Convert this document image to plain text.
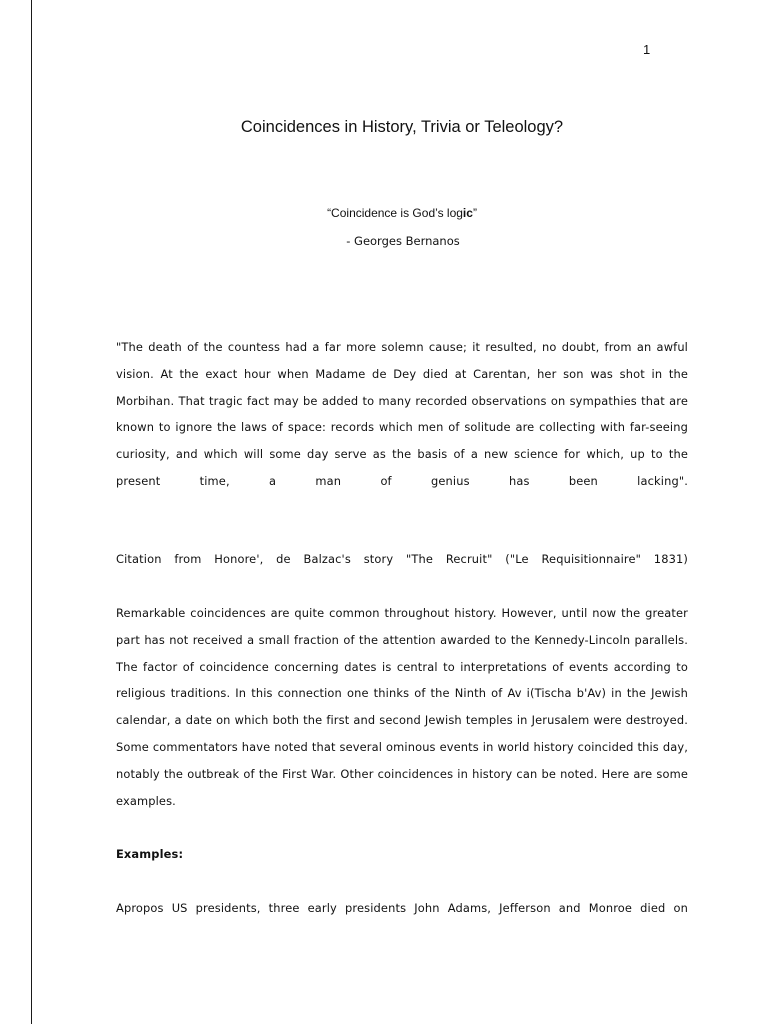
1

Coincidences in History, Trivia or Teleology?

“Coincidence is God’s logic”

- Georges Bernanos

"The death of the countess had a far more solemn cause; it resulted, no doubt, from an awful vision. At the exact hour when Madame de Dey died at Carentan, her son was shot in the Morbihan. That tragic fact may be added to many recorded observations on sympathies that are known to ignore the laws of space: records which men of solitude are collecting with far-seeing curiosity, and which will some day serve as the basis of a new science for which, up to the present time, a man of genius has been lacking".

Citation from Honore', de Balzac's story "The Recruit" ("Le Requisitionnaire" 1831)

Remarkable coincidences are quite common throughout history. However, until now the greater part has not received a small fraction of the attention awarded to the Kennedy-Lincoln parallels. The factor of coincidence concerning dates is central to interpretations of events according to religious traditions. In this connection one thinks of the Ninth of Av i(Tischa b'Av) in the Jewish calendar, a date on which both the first and second Jewish temples in Jerusalem were destroyed. Some commentators have noted that several ominous events in world history coincided this day, notably the outbreak of the First War. Other coincidences in history can be noted. Here are some examples.

Examples:

Apropos US presidents, three early presidents John Adams, Jefferson and Monroe died on
